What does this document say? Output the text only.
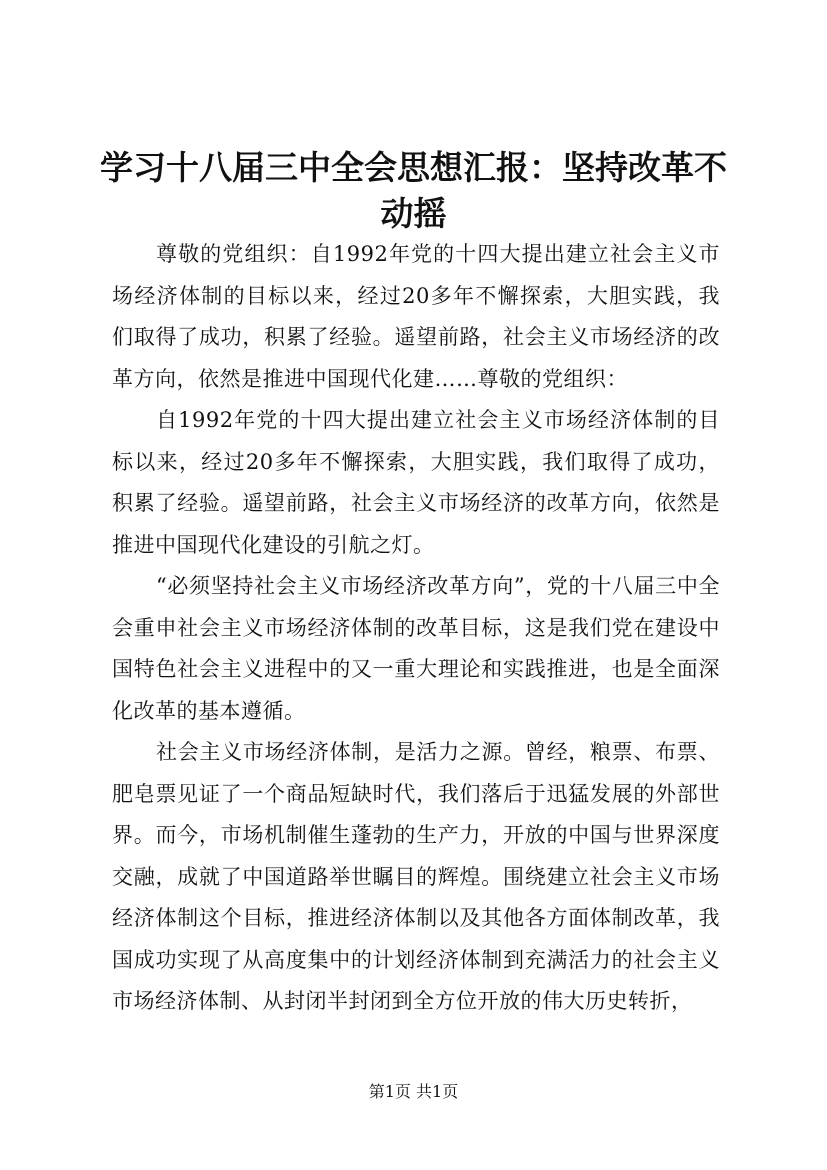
学习十八届三中全会思想汇报：坚持改革不动摇

尊敬的党组织：自1992年党的十四大提出建立社会主义市场经济体制的目标以来，经过20多年不懈探索，大胆实践，我们取得了成功，积累了经验。遥望前路，社会主义市场经济的改革方向，依然是推进中国现代化建……尊敬的党组织：

自1992年党的十四大提出建立社会主义市场经济体制的目标以来，经过20多年不懈探索，大胆实践，我们取得了成功，积累了经验。遥望前路，社会主义市场经济的改革方向，依然是推进中国现代化建设的引航之灯。

“必须坚持社会主义市场经济改革方向”，党的十八届三中全会重申社会主义市场经济体制的改革目标，这是我们党在建设中国特色社会主义进程中的又一重大理论和实践推进，也是全面深化改革的基本遵循。

社会主义市场经济体制，是活力之源。曾经，粮票、布票、肥皂票见证了一个商品短缺时代，我们落后于迅猛发展的外部世界。而今，市场机制催生蓬勃的生产力，开放的中国与世界深度交融，成就了中国道路举世瞩目的辉煌。围绕建立社会主义市场经济体制这个目标，推进经济体制以及其他各方面体制改革，我国成功实现了从高度集中的计划经济体制到充满活力的社会主义市场经济体制、从封闭半封闭到全方位开放的伟大历史转折，

第1页 共1页
